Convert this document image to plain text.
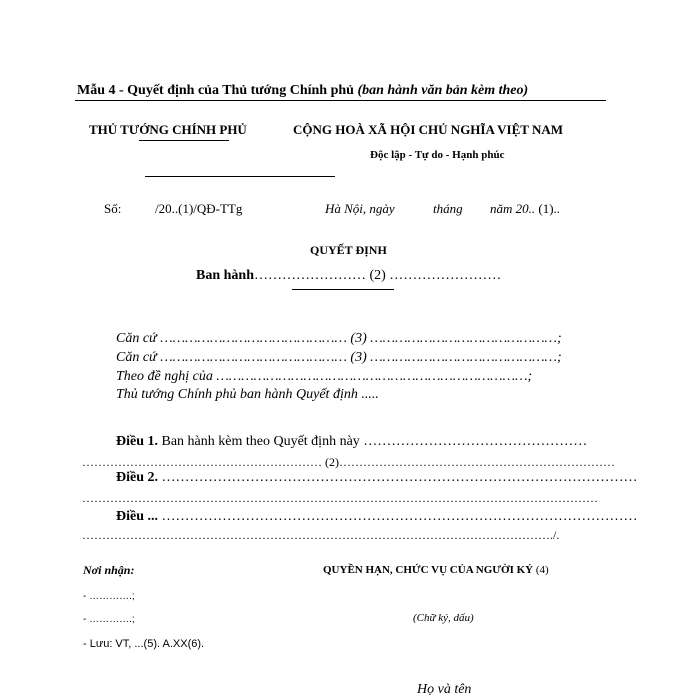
Mẫu 4 - Quyết định của Thủ tướng Chính phủ (ban hành văn bản kèm theo)
THỦ TƯỚNG CHÍNH PHỦ	CỘNG HOÀ XÃ HỘI CHỦ NGHĨA VIỆT NAM
Độc lập - Tự do - Hạnh phúc
Số:	/20..(1)/QĐ-TTg	Hà Nội, ngày	tháng năm 20.. (1)..
QUYẾT ĐỊNH
Ban hành…………………… (2) ……………………
Căn cứ ……………………………………… (3) ………………………………………;
Căn cứ ……………………………………… (3) ………………………………………;
Theo đề nghị của …………………………………………………………………;
Thủ tướng Chính phủ ban hành Quyết định .....
Điều 1. Ban hành kèm theo Quyết định này …………………………………………
…………………………………………………… (2)……………………………………………………………
Điều 2. …………………………………………………………………………………………
…………………………………………………………………………………………………………………
Điều ... …………………………………………………………………………………………
………………………………………………………………………………………………………./.
Nơi nhận:
- ………….;
- ………….;
- Lưu: VT, ...(5). A.XX(6).
QUYỀN HẠN, CHỨC VỤ CỦA NGƯỜI KÝ (4)
(Chữ ký, dấu)
Họ và tên
